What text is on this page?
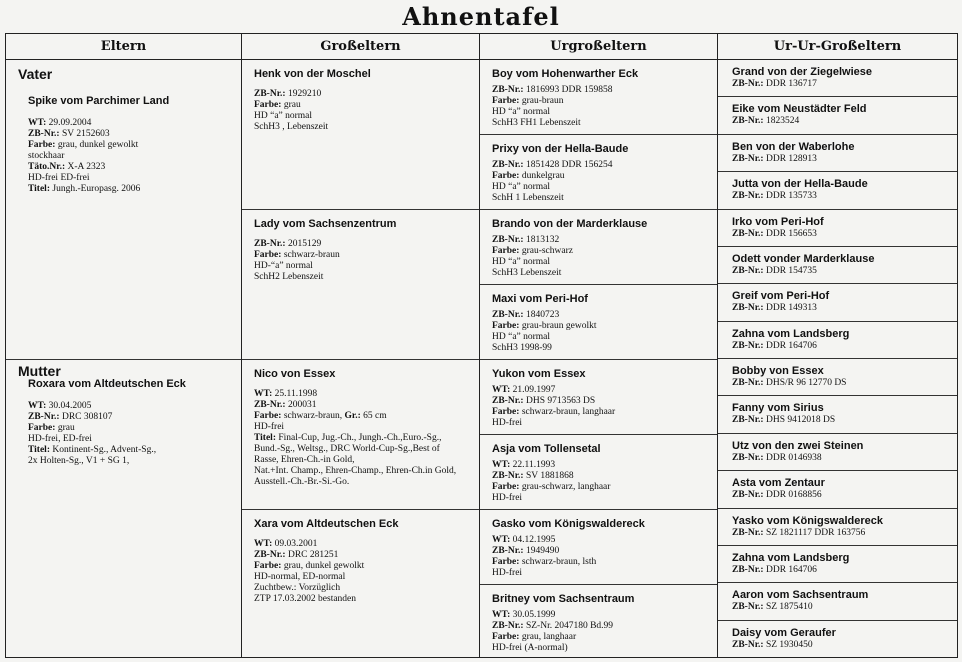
Ahnentafel
Eltern
Vater
Spike vom Parchimer Land
WT: 29.09.2004
ZB-Nr.: SV 2152603
Farbe: grau, dunkel gewolkt
stockhaar
Täto.Nr.: X-A 2323
HD-frei ED-frei
Titel: Jungh.-Europasg. 2006
Mutter
Roxara vom Altdeutschen Eck
WT: 30.04.2005
ZB-Nr.: DRC 308107
Farbe: grau
HD-frei, ED-frei
Titel: Kontinent-Sg., Advent-Sg.,
2x Holten-Sg., V1 + SG 1,
Großeltern
Henk von der Moschel
ZB-Nr.: 1929210
Farbe: grau
HD “a” normal
SchH3 , Lebenszeit
Lady vom Sachsenzentrum
ZB-Nr.: 2015129
Farbe: schwarz-braun
HD-“a” normal
SchH2 Lebenszeit
Nico von Essex
WT: 25.11.1998
ZB-Nr.: 200031
Farbe: schwarz-braun, Gr.: 65 cm
HD-frei
Titel: Final-Cup, Jug.-Ch., Jungh.-Ch.,Euro.-Sg.,
Bund.-Sg., Weltsg., DRC World-Cup-Sg.,Best of
Rasse, Ehren-Ch.-in Gold,
Nat.+Int. Champ., Ehren-Champ., Ehren-Ch.in Gold,
Ausstell.-Ch.-Br.-Si.-Go.
Xara vom Altdeutschen Eck
WT: 09.03.2001
ZB-Nr.: DRC 281251
Farbe: grau, dunkel gewolkt
HD-normal, ED-normal
Zuchtbew.: Vorzüglich
ZTP 17.03.2002 bestanden
Urgroßeltern
Boy vom Hohenwarther Eck
ZB-Nr.: 1816993 DDR 159858
Farbe: grau-braun
HD “a” normal
SchH3 FH1 Lebenszeit
Prixy von der Hella-Baude
ZB-Nr.: 1851428 DDR 156254
Farbe: dunkelgrau
HD “a” normal
SchH 1 Lebenszeit
Brando von der Marderklause
ZB-Nr.: 1813132
Farbe: grau-schwarz
HD “a” normal
SchH3 Lebenszeit
Maxi vom Peri-Hof
ZB-Nr.: 1840723
Farbe: grau-braun gewolkt
HD “a” normal
SchH3 1998-99
Yukon vom Essex
WT: 21.09.1997
ZB-Nr.: DHS 9713563 DS
Farbe: schwarz-braun, langhaar
HD-frei
Asja vom Tollensetal
WT: 22.11.1993
ZB-Nr.: SV 1881868
Farbe: grau-schwarz, langhaar
HD-frei
Gasko vom Königswaldereck
WT: 04.12.1995
ZB-Nr.: 1949490
Farbe: schwarz-braun, lsth
HD-frei
Britney vom Sachsentraum
WT: 30.05.1999
ZB-Nr.: SZ-Nr. 2047180 Bd.99
Farbe: grau, langhaar
HD-frei (A-normal)
Ur-Ur-Großeltern
Grand von der Ziegelwiese
ZB-Nr.: DDR 136717
Eike vom Neustädter Feld
ZB-Nr.: 1823524
Ben von der Waberlohe
ZB-Nr.: DDR 128913
Jutta von der Hella-Baude
ZB-Nr.: DDR 135733
Irko vom Peri-Hof
ZB-Nr.: DDR 156653
Odett vonder Marderklause
ZB-Nr.: DDR 154735
Greif vom Peri-Hof
ZB-Nr.: DDR 149313
Zahna vom Landsberg
ZB-Nr.: DDR 164706
Bobby von Essex
ZB-Nr.: DHS/R 96 12770 DS
Fanny vom Sirius
ZB-Nr.: DHS 9412018 DS
Utz von den zwei Steinen
ZB-Nr.: DDR 0146938
Asta vom Zentaur
ZB-Nr.: DDR 0168856
Yasko vom Königswaldereck
ZB-Nr.: SZ 1821117 DDR 163756
Zahna vom Landsberg
ZB-Nr.: DDR 164706
Aaron vom Sachsentraum
ZB-Nr.: SZ 1875410
Daisy vom Geraufer
ZB-Nr.: SZ 1930450
